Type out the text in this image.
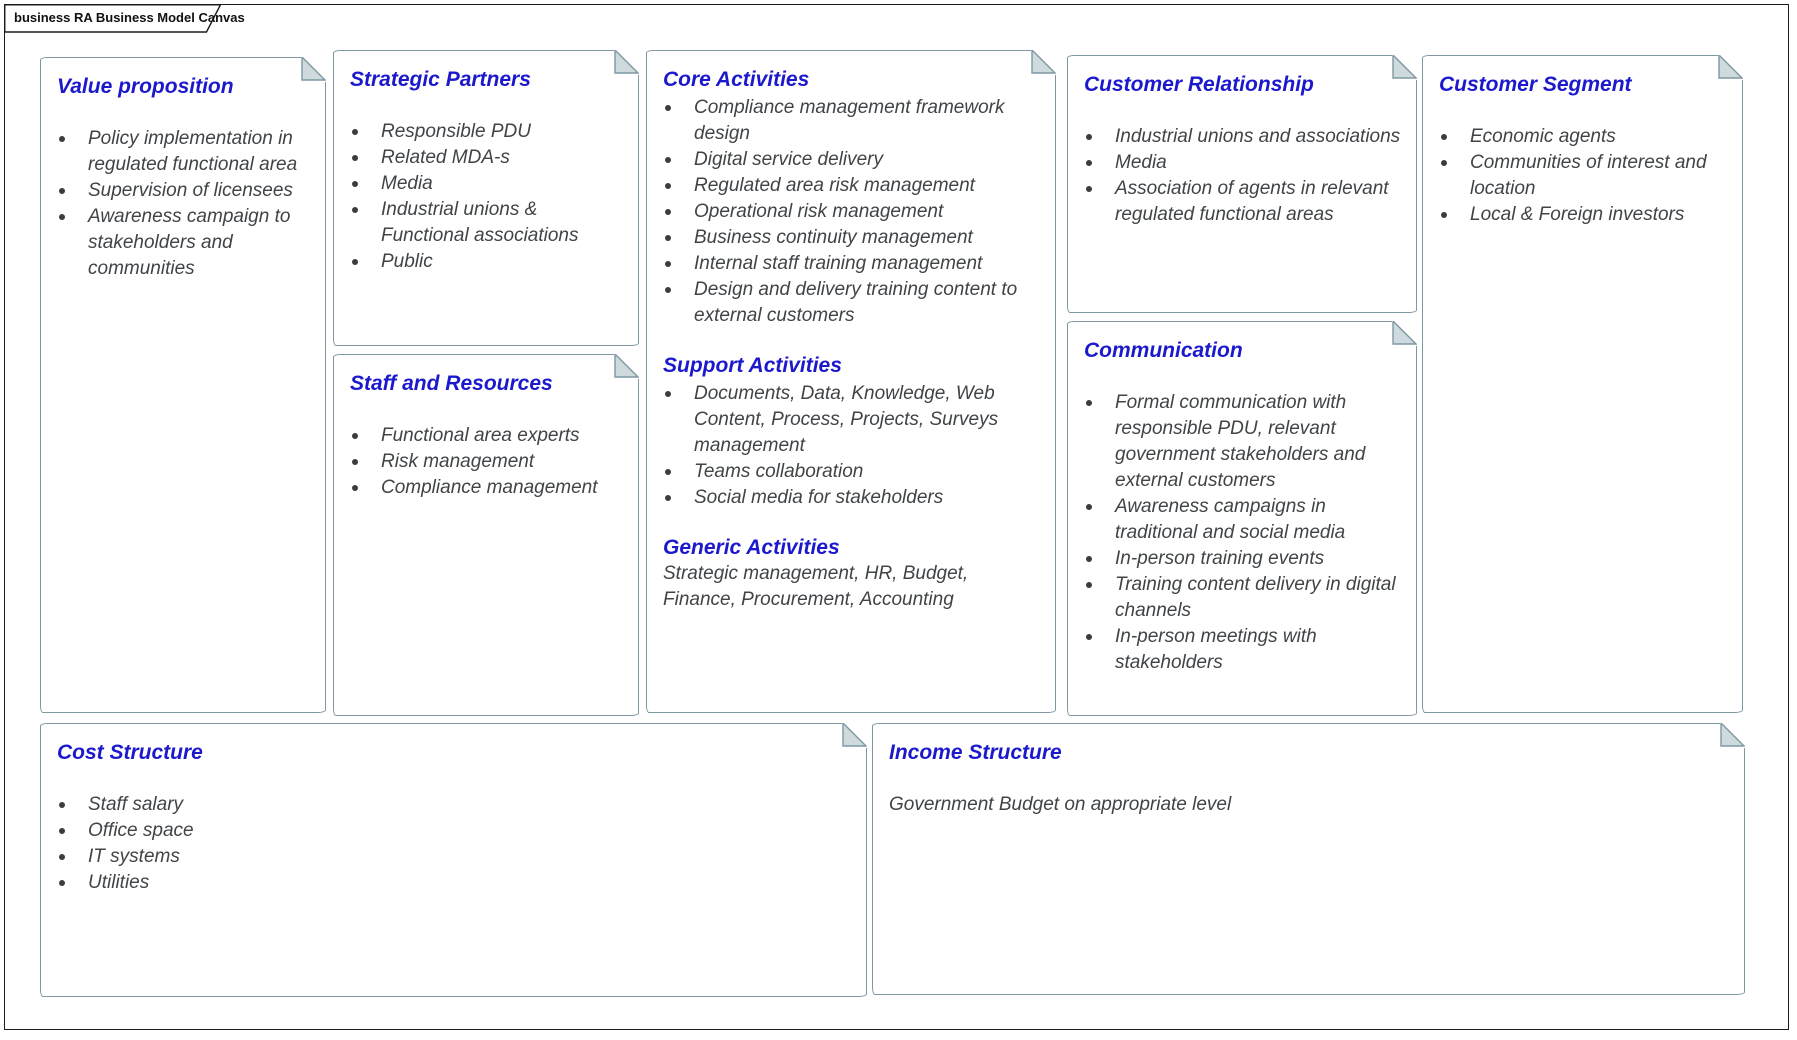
business RA Business Model Canvas
Value proposition
Policy implementation in regulated functional area
Supervision of licensees
Awareness campaign to stakeholders and communities
Strategic Partners
Responsible PDU
Related MDA-s
Media
Industrial unions & Functional associations
Public
Staff and Resources
Functional area experts
Risk management
Compliance management
Core Activities
Compliance management framework design
Digital service delivery
Regulated area risk management
Operational risk management
Business continuity management
Internal staff training management
Design and delivery training content to external customers
Support Activities
Documents, Data, Knowledge, Web Content, Process, Projects, Surveys management
Teams collaboration
Social media for stakeholders
Generic Activities

Strategic management, HR, Budget, Finance, Procurement, Accounting

Customer Relationship
Industrial unions and associations
Media
Association of agents in relevant regulated functional areas
Communication
Formal communication with responsible PDU, relevant government stakeholders and external customers
Awareness campaigns in traditional and social media
In-person training events
Training content delivery in digital channels
In-person meetings with stakeholders
Customer Segment
Economic agents
Communities of interest and location
Local & Foreign investors
Cost Structure
Staff salary
Office space
IT systems
Utilities
Income Structure

Government Budget on appropriate level
